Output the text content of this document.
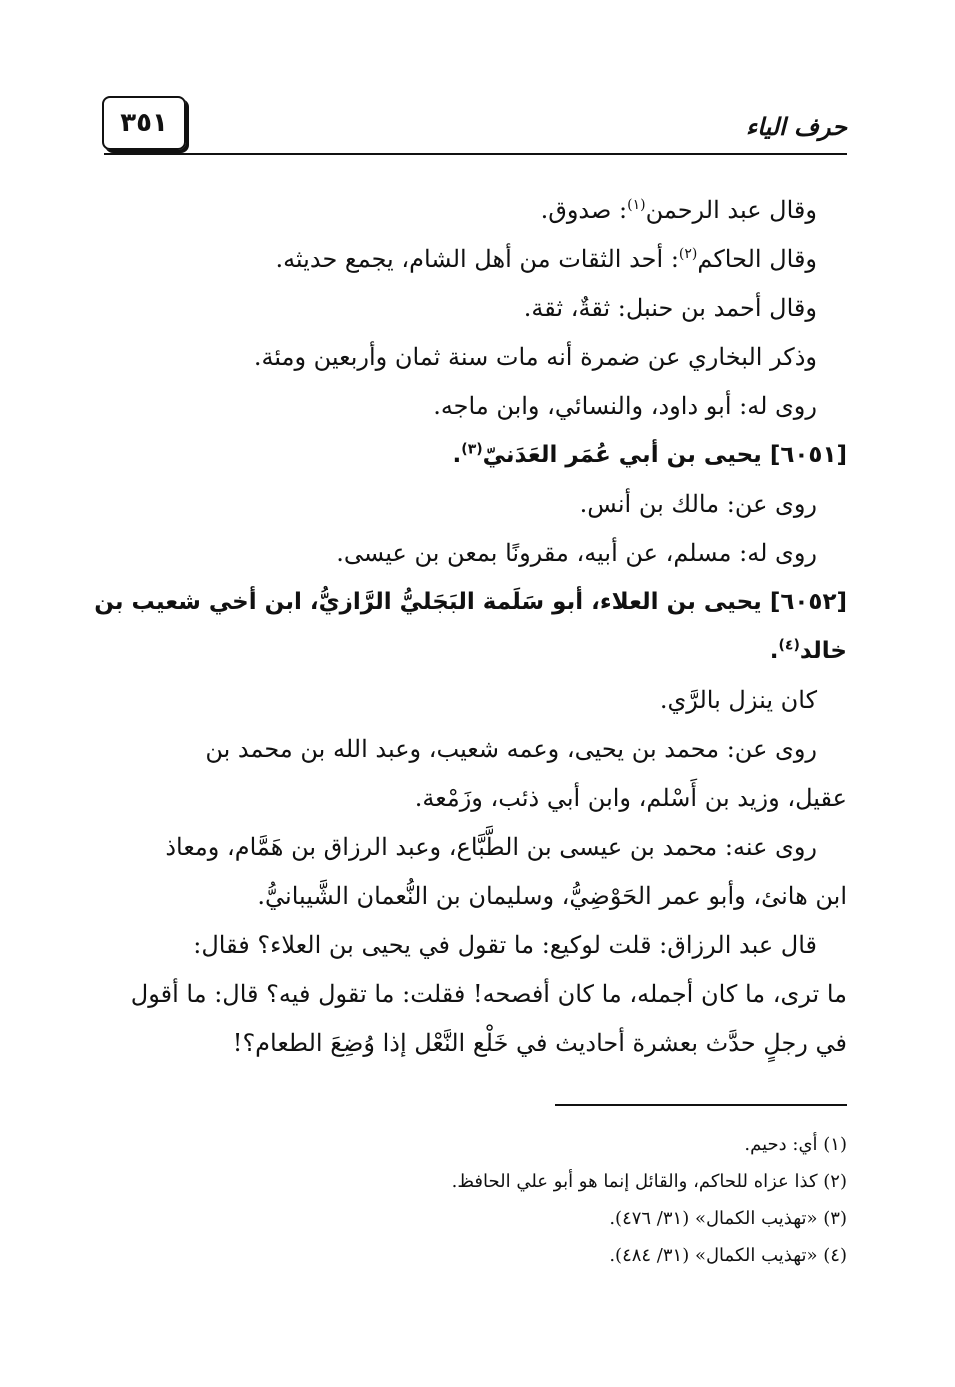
٣٥١	حرف الياء
وقال عبد الرحمن$^{(١)}$: صدوق.
وقال الحاكم$^{(٢)}$: أحد الثقات من أهل الشام، يجمع حديثه.
وقال أحمد بن حنبل: ثقةٌ، ثقة.
وذكر البخاري عن ضمرة أنه مات سنة ثمان وأربعين ومئة.
روى له: أبو داود، والنسائي، وابن ماجه.
[٦٠٥١] يحيى بن أبي عُمَر العَدَنيّ$^{(٣)}$.
روى عن: مالك بن أنس.
روى له: مسلم، عن أبيه، مقرونًا بمعن بن عيسى.
[٦٠٥٢] يحيى بن العلاء، أبو سَلَمة البَجَليُّ الرَّازيُّ، ابن أخي شعيب بن
خالد$^{(٤)}$.
كان ينزل بالرَّي.
روى عن: محمد بن يحيى، وعمه شعيب، وعبد الله بن محمد بن
عقيل، وزيد بن أَسْلم، وابن أبي ذئب، وزَمْعة.
روى عنه: محمد بن عيسى بن الطَّبَّاع، وعبد الرزاق بن هَمَّام، ومعاذ
ابن هانئ، وأبو عمر الحَوْضِيُّ، وسليمان بن النُّعمان الشَّيبانيُّ.
قال عبد الرزاق: قلت لوكيع: ما تقول في يحيى بن العلاء؟ فقال:
ما ترى، ما كان أجمله، ما كان أفصحه! فقلت: ما تقول فيه؟ قال: ما أقول
في رجلٍ حدَّث بعشرة أحاديث في خَلْع النَّعْل إذا وُضِعَ الطعام؟!
(١) أي: دحيم.
(٢) كذا عزاه للحاكم، والقائل إنما هو أبو علي الحافظ.
(٣) «تهذيب الكمال» (٣١/ ٤٧٦).
(٤) «تهذيب الكمال» (٣١/ ٤٨٤).
